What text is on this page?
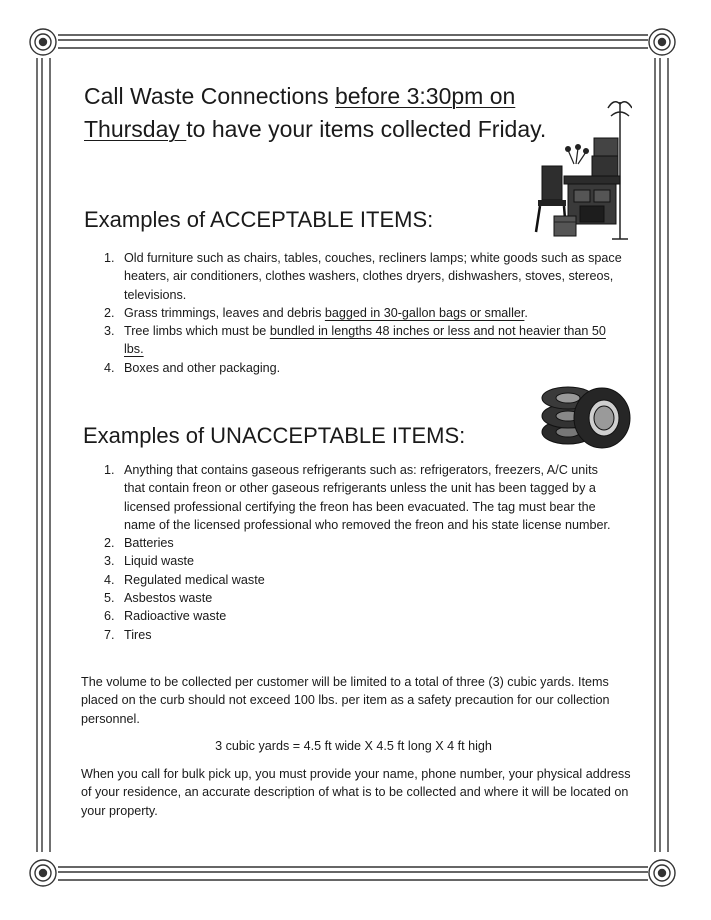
Call Waste Connections before 3:30pm on
Thursday to have your items collected Friday.
Examples of ACCEPTABLE ITEMS:
1. Old furniture such as chairs, tables, couches, recliners lamps; white goods such as space heaters, air conditioners, clothes washers, clothes dryers, dishwashers, stoves, stereos, televisions.
2. Grass trimmings, leaves and debris bagged in 30-gallon bags or smaller.
3. Tree limbs which must be bundled in lengths 48 inches or less and not heavier than 50 lbs.
4. Boxes and other packaging.
Examples of UNACCEPTABLE ITEMS:
1. Anything that contains gaseous refrigerants such as: refrigerators, freezers, A/C units that contain freon or other gaseous refrigerants unless the unit has been tagged by a licensed professional certifying the freon has been evacuated. The tag must bear the name of the licensed professional who removed the freon and his state license number.
2. Batteries
3. Liquid waste
4. Regulated medical waste
5. Asbestos waste
6. Radioactive waste
7. Tires

The volume to be collected per customer will be limited to a total of three (3) cubic yards. Items placed on the curb should not exceed 100 lbs. per item as a safety precaution for our collection personnel.

3 cubic yards = 4.5 ft wide X 4.5 ft long X 4 ft high

When you call for bulk pick up, you must provide your name, phone number, your physical address of your residence, an accurate description of what is to be collected and where it will be located on your property.
